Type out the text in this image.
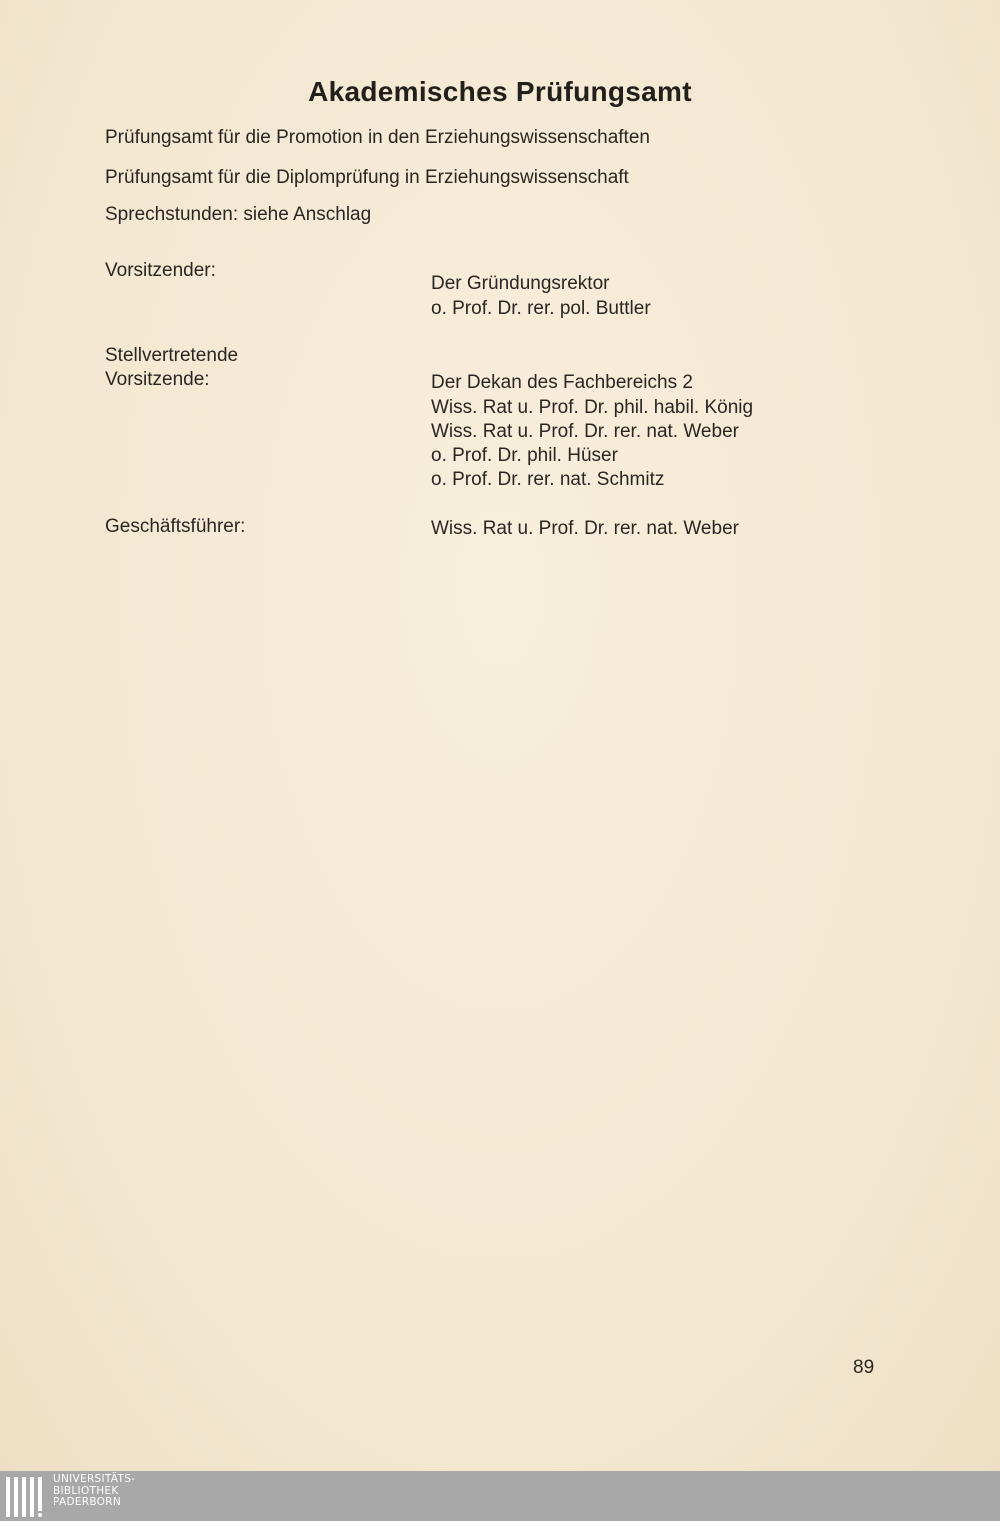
Akademisches Prüfungsamt
Prüfungsamt für die Promotion in den Erziehungswissenschaften
Prüfungsamt für die Diplomprüfung in Erziehungswissenschaft
Sprechstunden: siehe Anschlag
Vorsitzender:
Der Gründungsrektor
o. Prof. Dr. rer. pol. Buttler
Stellvertretende
Vorsitzende:	Der Dekan des Fachbereichs 2
Wiss. Rat u. Prof. Dr. phil. habil. König
Wiss. Rat u. Prof. Dr. rer. nat. Weber
o. Prof. Dr. phil. Hüser
o. Prof. Dr. rer. nat. Schmitz
Geschäftsführer:	Wiss. Rat u. Prof. Dr. rer. nat. Weber
89
UNIVERSITÄTS-
BIBLIOTHEK
PADERBORN
